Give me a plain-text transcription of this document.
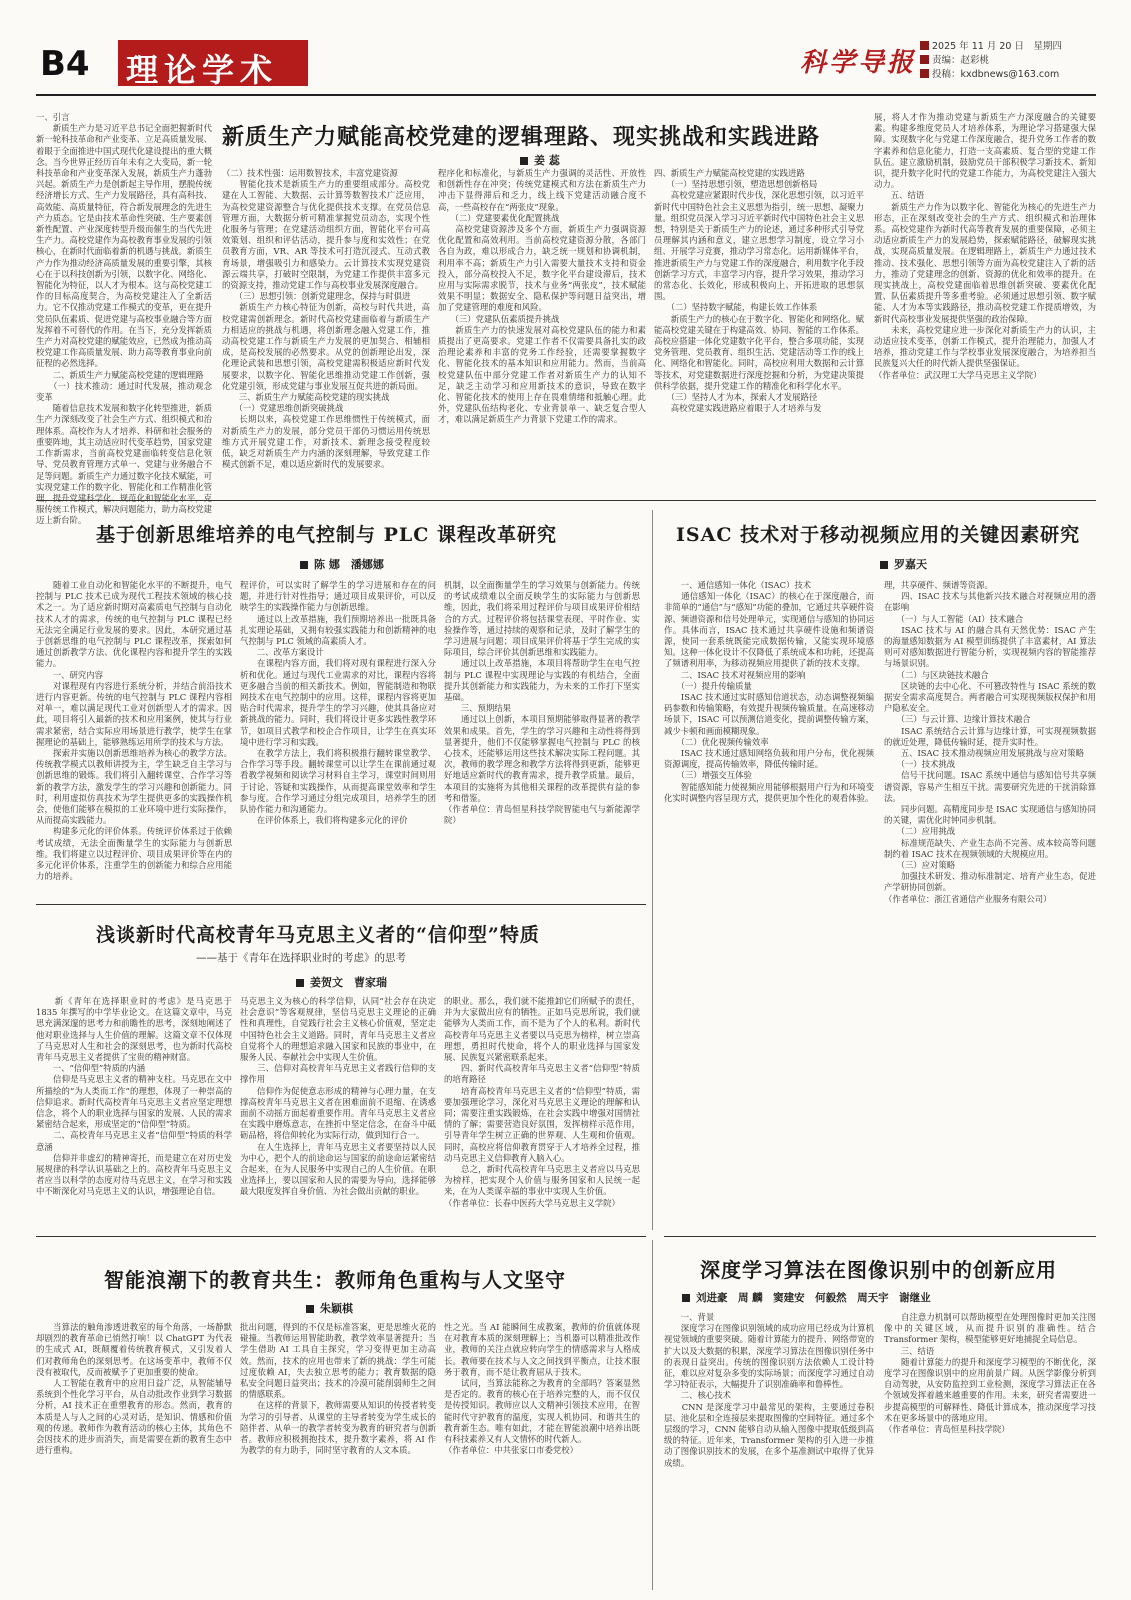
B4 理论学术	科学导报
2025 年 11 月 20 日　星期四
责编：赵彩桃
投稿：kxdbnews@163.com
新质生产力赋能高校党建的逻辑理路、现实挑战和实践进路
姜 蕊
一、引言
　　新质生产力是习近平总书记全面把握新时代新一轮科技革命和产业变革、立足高质量发展、着眼于全面推进中国式现代化建设提出的重大概念。当今世界正经历百年未有之大变局，新一轮科技革命和产业变革深入发展，新质生产力蓬勃兴起。新质生产力是创新起主导作用，摆脱传统经济增长方式、生产力发展路径，具有高科技、高效能、高质量特征，符合新发展理念的先进生产力质态。它是由技术革命性突破、生产要素创新性配置、产业深度转型升级而催生的当代先进生产力。高校党建作为高校教育事业发展的引领核心，在新时代面临着新的机遇与挑战。新质生产力作为推动经济高质量发展的重要引擎，其核心在于以科技创新为引领，以数字化、网络化、智能化为特征，以人才为根本。这与高校党建工作的目标高度契合，为高校党建注入了全新活力。它不仅推动党建工作模式的变革，更在提升党员队伍素质、促进党建与高校事业融合等方面发挥着不可替代的作用。在当下，充分发挥新质生产力对高校党建的赋能效应，已然成为推动高校党建工作高质量发展、助力高等教育事业向前征程的必然选择。
　　二、新质生产力赋能高校党建的逻辑理路
　　（一）技术推动：通过时代发展，推动观念变革
　　随着信息技术发展和数字化转型推进，新质生产力深刻改变了社会生产方式、组织模式和治理体系。高校作为人才培养、科研和社会服务的重要阵地，其主动适应时代变革趋势，国家党建工作新需求，当前高校党建面临转变信息化领导、党员教育管理方式单一、党建与业务融合不足等问题。新质生产力通过数字化技术赋能，可实现党建工作的数字化、智能化和工作精准化管理，提升党建科学化、规范化和智能化水平，克服传统工作模式，解决问题能力，助力高校党建迈上新台阶。
（二）技术性强：运用数智技术，丰富党建资源
　　智能化技术是新质生产力的重要组成部分。高校党建在人工智能、大数据、云计算等数智技术广泛应用，为高校党建资源整合与优化提供技术支撑。在党员信息管理方面，大数据分析可精准掌握党员动态，实现个性化服务与管理；在党建活动组织方面，智能化平台可高效策划、组织和评估活动，提升参与度和实效性；在党员教育方面，VR、AR 等技术可打造沉浸式、互动式教育场景，增强吸引力和感染力。云计算技术实现党建资源云端共享，打破时空限制，为党建工作提供丰富多元的资源支持，推动党建工作与高校事业发展深度融合。
　　（三）思想引领：创新党建理念，保持与时俱进
　　新质生产力核心特征为创新，高校与时代共进，高校党建需创新理念。新时代高校党建面临着与新质生产力相适应的挑战与机遇，将创新理念融入党建工作，推动高校党建工作与新质生产力发展的更加契合、相辅相成，是高校发展的必然要求。从党的创新理论出发，深化理论武装和思想引领，高校党建需积极适应新时代发展要求，以数字化、智能化思维推动党建工作创新，强化党建引领，形成党建与事业发展互促共进的新局面。
　　三、新质生产力赋能高校党建的现实挑战
　　（一）党建思维创新突破挑战
　　长期以来，高校党建工作思维惯性于传统模式，面对新质生产力的发展，部分党员干部仍习惯运用传统思维方式开展党建工作，对新技术、新理念接受程度较低，缺乏对新质生产力内涵的深刻理解，导致党建工作模式创新不足，难以适应新时代的发展要求。
程序化和标准化，与新质生产力强调的灵活性、开放性和创新性存在冲突；传统党建模式和方法在新质生产力冲击下显得滞后和乏力，线上线下党建活动融合度不高，一些高校存在“两张皮”现象。
　　（二）党建要素优化配置挑战
　　高校党建资源涉及多个方面，新质生产力强调资源优化配置和高效利用。当前高校党建资源分散，各部门各自为政，难以形成合力，缺乏统一规划和协调机制，利用率不高；新质生产力引入需要大量技术支持和资金投入，部分高校投入不足，数字化平台建设滞后，技术应用与实际需求脱节，技术与业务“两张皮”，技术赋能效果不明显；数据安全、隐私保护等问题日益突出，增加了党建管理的难度和风险。
　　（三）党建队伍素质提升挑战
　　新质生产力的快速发展对高校党建队伍的能力和素质提出了更高要求。党建工作者不仅需要具备扎实的政治理论素养和丰富的党务工作经验，还需要掌握数字化、智能化技术的基本知识和应用能力。然而，当前高校党建队伍中部分党建工作者对新质生产力的认知不足，缺乏主动学习和应用新技术的意识，导致在数字化、智能化技术的使用上存在畏难情绪和抵触心理。此外，党建队伍结构老化、专业背景单一、缺乏复合型人才，难以满足新质生产力背景下党建工作的需求。
四、新质生产力赋能高校党建的实践进路
　　（一）坚持思想引领，塑造思想创新格局
　　高校党建应紧跟时代步伐，深化思想引领，以习近平新时代中国特色社会主义思想为指引，统一思想、凝聚力量。组织党员深入学习习近平新时代中国特色社会主义思想，特别是关于新质生产力的论述，通过多种形式引导党员理解其内涵和意义，建立思想学习制度，设立学习小组、开展学习竞赛，推动学习常态化。运用新媒体平台，推进新质生产力与党建工作的深度融合，利用数字化手段创新学习方式，丰富学习内容，提升学习效果，推动学习的常态化、长效化，形成积极向上、开拓进取的思想氛围。
　　（二）坚持数字赋能，构建长效工作体系
　　新质生产力的核心在于数字化、智能化和网络化。赋能高校党建关键在于构建高效、协同、智能的工作体系。高校应搭建一体化党建数字化平台，整合多项功能，实现党务管理、党员教育、组织生活、党建活动等工作的线上化、网络化和智能化。同时，高校应利用大数据和云计算等技术，对党建数据进行深度挖掘和分析，为党建决策提供科学依据，提升党建工作的精准化和科学化水平。
　　（三）坚持人才为本，探索人才发展路径
　　高校党建实践进路应着眼于人才培养与发
展，将人才作为推动党建与新质生产力深度融合的关键要素。构建多维度党员人才培养体系，为理论学习搭建强大保障。实现数字化与党建工作深度融合，提升党务工作者的数字素养和信息化能力，打造一支高素质、复合型的党建工作队伍。建立激励机制，鼓励党员干部积极学习新技术、新知识，提升数字化时代的党建工作能力，为高校党建注入强大动力。
　　五、结语
　　新质生产力作为以数字化、智能化为核心的先进生产力形态，正在深刻改变社会的生产方式、组织模式和治理体系。高校党建作为新时代高等教育发展的重要保障，必须主动适应新质生产力的发展趋势，探索赋能路径，破解现实挑战，实现高质量发展。在逻辑理路上，新质生产力通过技术推动、技术强化、思想引领等方面为高校党建注入了新的活力，推动了党建理念的创新、资源的优化和效率的提升。在现实挑战上，高校党建面临着思维创新突破、要素优化配置、队伍素质提升等多重考验。必须通过思想引领、数字赋能、人才为本等实践路径，推动高校党建工作提质增效，为新时代高校事业发展提供坚强的政治保障。
　　未来，高校党建应进一步深化对新质生产力的认识，主动适应技术变革，创新工作模式，提升治理能力，加强人才培养，推动党建工作与学校事业发展深度融合，为培养担当民族复兴大任的时代新人提供坚强保证。
（作者单位：武汉理工大学马克思主义学院）
基于创新思维培养的电气控制与 PLC 课程改革研究
陈 娜　潘娜娜
　　随着工业自动化和智能化水平的不断提升，电气控制与 PLC 技术已成为现代工程技术领域的核心技术之一。为了适应新时期对高素质电气控制与自动化技术人才的需求，传统的电气控制与 PLC 课程已经无法完全满足行业发展的要求。因此，本研究通过基于创新思维的电气控制与 PLC 课程改革，探索如何通过创新教学方法、优化课程内容和提升学生的实践能力。
　　一、研究内容
　　对课程现有内容进行系统分析，并结合前沿技术进行内容更新。传统的电气控制与 PLC 课程内容相对单一，难以满足现代工业对创新型人才的需求。因此，项目将引入最新的技术和应用案例，使其与行业需求紧密，结合实际应用场景进行教学，使学生在掌握理论的基础上，能够熟练运用所学的技术与方法。
　　探索并实施以创新思维培养为核心的教学方法。传统教学模式以教师讲授为主，学生缺乏自主学习与创新思维的锻炼。我们将引入翻转课堂、合作学习等新的教学方法，激发学生的学习兴趣和创新能力。同时，利用虚拟仿真技术为学生提供更多的实践操作机会，使他们能够在模拟的工业环境中进行实际操作，从而提高实践能力。
　　构建多元化的评价体系。传统评价体系过于依赖考试成绩，无法全面衡量学生的实际能力与创新思维。我们将建立以过程评价、项目成果评价等在内的多元化评价体系，注重学生的创新能力和综合应用能力的培养。
程评价，可以实时了解学生的学习进展和存在的问题，并进行针对性指导；通过项目成果评价，可以反映学生的实践操作能力与创新思维。
　　通过以上改革措施，我们预期培养出一批既具备扎实理论基础，又拥有较强实践能力和创新精神的电气控制与 PLC 领域的高素质人才。
　　二、改革方案设计
　　在课程内容方面，我们将对现有课程进行深入分析和优化。通过与现代工业需求的对比，课程内容将更多融合当前的相关新技术。例如，智能制造和物联网技术在电气控制中的应用。这样，课程内容将更加贴合时代需求，提升学生的学习兴趣，使其具备应对新挑战的能力。同时，我们将设计更多实践性教学环节，如项目式教学和校企合作项目，让学生在真实环境中进行学习和实践。
　　在教学方法上，我们将积极推行翻转课堂教学、合作学习等手段。翻转课堂可以让学生在课前通过观看教学视频和阅读学习材料自主学习，课堂时间则用于讨论、答疑和实践操作，从而提高课堂效率和学生参与度。合作学习通过分组完成项目，培养学生的团队协作能力和沟通能力。
　　在评价体系上，我们将构建多元化的评价
机制，以全面衡量学生的学习效果与创新能力。传统的考试成绩难以全面反映学生的实际能力与创新思维，因此，我们将采用过程评价与项目成果评价相结合的方式。过程评价将包括课堂表现、平时作业、实验操作等，通过持续的观察和记录，及时了解学生的学习进展与问题；项目成果评价将基于学生完成的实际项目，综合评价其创新思维和实践能力。
　　通过以上改革措施，本项目将帮助学生在电气控制与 PLC 课程中实现理论与实践的有机结合，全面提升其创新能力和实践能力，为未来的工作打下坚实基础。
　　三、预期结果
　　通过以上创新，本项目预期能够取得显著的教学效果和成果。首先，学生的学习兴趣和主动性将得到显著提升，他们不仅能够掌握电气控制与 PLC 的核心技术，还能够运用这些技术解决实际工程问题。其次，教师的教学理念和教学方法将得到更新，能够更好地适应新时代的教育需求，提升教学质量。最后，本项目的实施将为其他相关课程的改革提供有益的参考和借鉴。
（作者单位：青岛恒星科技学院智能电气与新能源学院）
ISAC 技术对于移动视频应用的关键因素研究
罗嘉天
　　一、通信感知一体化（ISAC）技术
　　通信感知一体化（ISAC）的核心在于深度融合，而非简单的“通信”与“感知”功能的叠加，它通过共享硬件资源、频谱资源和信号处理单元，实现通信与感知的协同运作。具体而言，ISAC 技术通过共享硬件设施和频谱资源，使同一套系统既能完成数据传输，又能实现环境感知。这种一体化设计不仅降低了系统成本和功耗，还提高了频谱利用率，为移动视频应用提供了新的技术支撑。
　　二、ISAC 技术对视频应用的影响
　　（一）提升传输质量
　　ISAC 技术通过实时感知信道状态，动态调整视频编码参数和传输策略，有效提升视频传输质量。在高速移动场景下，ISAC 可以预测信道变化，提前调整传输方案，减少卡顿和画面模糊现象。
　　（二）优化视频传输效率
　　ISAC 技术通过感知网络负载和用户分布，优化视频资源调度，提高传输效率，降低传输时延。
　　（三）增强交互体验
　　智能感知能力使视频应用能够根据用户行为和环境变化实时调整内容呈现方式，提供更加个性化的观看体验。
理，共享硬件、频谱等资源。
　　四、ISAC 技术与其他新兴技术融合对视频应用的潜在影响
　　（一）与人工智能（AI）技术融合
　　ISAC 技术与 AI 的融合具有天然优势：ISAC 产生的海量感知数据为 AI 模型训练提供了丰富素材，AI 算法则可对感知数据进行智能分析，实现视频内容的智能推荐与场景识别。
　　（二）与区块链技术融合
　　区块链的去中心化、不可篡改特性与 ISAC 系统的数据安全需求高度契合。两者融合可实现视频版权保护和用户隐私安全。
　　（三）与云计算、边缘计算技术融合
　　ISAC 系统结合云计算与边缘计算，可实现视频数据的就近处理，降低传输时延，提升实时性。
　　五、ISAC 技术推动视频应用发展挑战与应对策略
　　（一）技术挑战
　　信号干扰问题。ISAC 系统中通信与感知信号共享频谱资源，容易产生相互干扰。需要研究先进的干扰消除算法。
　　同步问题。高精度同步是 ISAC 实现通信与感知协同的关键，需优化时钟同步机制。
　　（二）应用挑战
　　标准规范缺失、产业生态尚不完善、成本较高等问题制约着 ISAC 技术在视频领域的大规模应用。
　　（三）应对策略
　　加强技术研发、推动标准制定、培育产业生态，促进产学研协同创新。
（作者单位：浙江省通信产业服务有限公司）
浅谈新时代高校青年马克思主义者的“信仰型”特质
——基于《青年在选择职业时的考虑》的思考
姜贺文　曹家瑞
　　新《青年在选择职业时的考虑》是马克思于 1835 年撰写的中学毕业论文。在这篇文章中，马克思充满深邃的思考力和前瞻性的思考，深刻地阐述了他对职业选择与人生价值的理解。这篇文章不仅体现了马克思对人生和社会的深刻思考，也为新时代高校青年马克思主义者提供了宝贵的精神财富。
　　一、“信仰型”特质的内涵
　　信仰是马克思主义者的精神支柱。马克思在文中所描绘的“为人类而工作”的理想，体现了一种崇高的信仰追求。新时代高校青年马克思主义者应坚定理想信念，将个人的职业选择与国家的发展、人民的需求紧密结合起来，形成坚定的“信仰型”特质。
　　二、高校青年马克思主义者“信仰型”特质的科学意涵
　　信仰并非虚幻的精神寄托，而是建立在对历史发展规律的科学认识基础之上的。高校青年马克思主义者应当以科学的态度对待马克思主义，在学习和实践中不断深化对马克思主义的认识，增强理论自信。
马克思主义为核心的科学信仰，认同“社会存在决定社会意识”等客观规律，坚信马克思主义理论的正确性和真理性，自觉践行社会主义核心价值观，坚定走中国特色社会主义道路。同时，青年马克思主义者应自觉将个人的理想追求融入国家和民族的事业中，在服务人民、奉献社会中实现人生价值。
　　三、信仰对高校青年马克思主义者践行信仰的支撑作用
　　信仰作为促使意志形成的精神与心理力量，在支撑高校青年马克思主义者在困难面前不退缩、在诱惑面前不动摇方面起着重要作用。青年马克思主义者应在实践中磨炼意志，在挫折中坚定信念，在奋斗中砥砺品格，将信仰转化为实际行动，做到知行合一。
　　在人生选择上，青年马克思主义者要坚持以人民为中心，把个人的前途命运与国家的前途命运紧密结合起来，在为人民服务中实现自己的人生价值。在职业选择上，要以国家和人民的需要为导向，选择能够最大限度发挥自身价值、为社会做出贡献的职业。
的职业。那么，我们就不能推卸它们所赋予的责任，并为大家做出应有的牺牲。正如马克思所说，我们就能够为人类而工作，而不是为了个人的私利。新时代高校青年马克思主义者要以马克思为榜样，树立崇高理想，勇担时代使命，将个人的职业选择与国家发展、民族复兴紧密联系起来。
　　四、新时代高校青年马克思主义者“信仰型”特质的培育路径
　　培育高校青年马克思主义者的“信仰型”特质，需要加强理论学习，深化对马克思主义理论的理解和认同；需要注重实践锻炼，在社会实践中增强对国情社情的了解；需要营造良好氛围，发挥榜样示范作用，引导青年学生树立正确的世界观、人生观和价值观。同时，高校应将信仰教育贯穿于人才培养全过程，推动马克思主义信仰教育入脑入心。
　　总之，新时代高校青年马克思主义者应以马克思为榜样，把实现个人价值与服务国家和人民统一起来，在为人类谋幸福的事业中实现人生价值。
（作者单位：长春中医药大学马克思主义学院）
智能浪潮下的教育共生：教师角色重构与人文坚守
朱颖棋
　　当算法的触角渗透进教室的每个角落，一场静默却剧烈的教育革命已悄然打响！以 ChatGPT 为代表的生成式 AI，既颠覆着传统教育模式，又引发着人们对教师角色的深刻思考。在这场变革中，教师不仅没有被取代，反而被赋予了更加重要的使命。
　　人工智能在教育中的应用日益广泛，从智能辅导系统到个性化学习平台，从自动批改作业到学习数据分析，AI 技术正在重塑教育的形态。然而，教育的本质是人与人之间的心灵对话，是知识、情感和价值观的传递。教师作为教育活动的核心主体，其角色不会因技术的进步而消失，而是需要在新的教育生态中进行重构。
批出问题，得到的不仅是标准答案，更是思维火花的碰撞。当教师运用智能助教，教学效率显著提升；当学生借助 AI 工具自主探究，学习变得更加主动高效。然而，技术的应用也带来了新的挑战：学生可能过度依赖 AI，失去独立思考的能力；教育数据的隐私安全问题日益突出；技术的冷漠可能削弱师生之间的情感联系。
　　在这样的背景下，教师需要从知识的传授者转变为学习的引导者、从课堂的主导者转变为学生成长的陪伴者、从单一的教学者转变为教育的研究者与创新者。教师应积极拥抱技术，提升数字素养，将 AI 作为教学的有力助手，同时坚守教育的人文本质。
性之光。当 AI 能瞬间生成教案，教师的价值就体现在对教育本质的深刻理解上；当机器可以精准批改作业，教师的关注点就应转向学生的情感需求与人格成长。教师要在技术与人文之间找到平衡点，让技术服务于教育，而不是让教育屈从于技术。
　　试问，当算法能称之为教育的全部吗？答案显然是否定的。教育的核心在于培养完整的人，而不仅仅是传授知识。教师应以人文精神引领技术应用，在智能时代守护教育的温度，实现人机协同、和谐共生的教育新生态。唯有如此，才能在智能浪潮中培养出既有科技素养又有人文情怀的时代新人。
（作者单位：中共张家口市委党校）
深度学习算法在图像识别中的创新应用
刘进豪　周 麟　窦建安　何毅然　周天宇　谢继业
　　一、背景
　　深度学习在图像识别领域的成功应用已经成为计算机视觉领域的重要突破。随着计算能力的提升、网络带宽的扩大以及大数据的积累，深度学习算法在图像识别任务中的表现日益突出。传统的图像识别方法依赖人工设计特征，难以应对复杂多变的实际场景；而深度学习通过自动学习特征表示，大幅提升了识别准确率和鲁棒性。
　　二、核心技术
　　CNN 是深度学习中最常见的架构，主要通过卷积层、池化层和全连接层来提取图像的空间特征。通过多个层级的学习，CNN 能够自动从输入图像中提取低级到高级的特征。近年来，Transformer 架构的引入进一步推动了图像识别技术的发展，在多个基准测试中取得了优异成绩。
　　自注意力机制可以帮助模型在处理图像时更加关注图像中的关键区域，从而提升识别的准确性。结合 Transformer 架构，模型能够更好地捕捉全局信息。
　　三、结语
　　随着计算能力的提升和深度学习模型的不断优化，深度学习在图像识别中的应用前景广阔。从医学影像分析到自动驾驶，从安防监控到工业检测，深度学习算法正在各个领域发挥着越来越重要的作用。未来，研究者需要进一步提高模型的可解释性、降低计算成本，推动深度学习技术在更多场景中的落地应用。
（作者单位：青岛恒星科技学院）
